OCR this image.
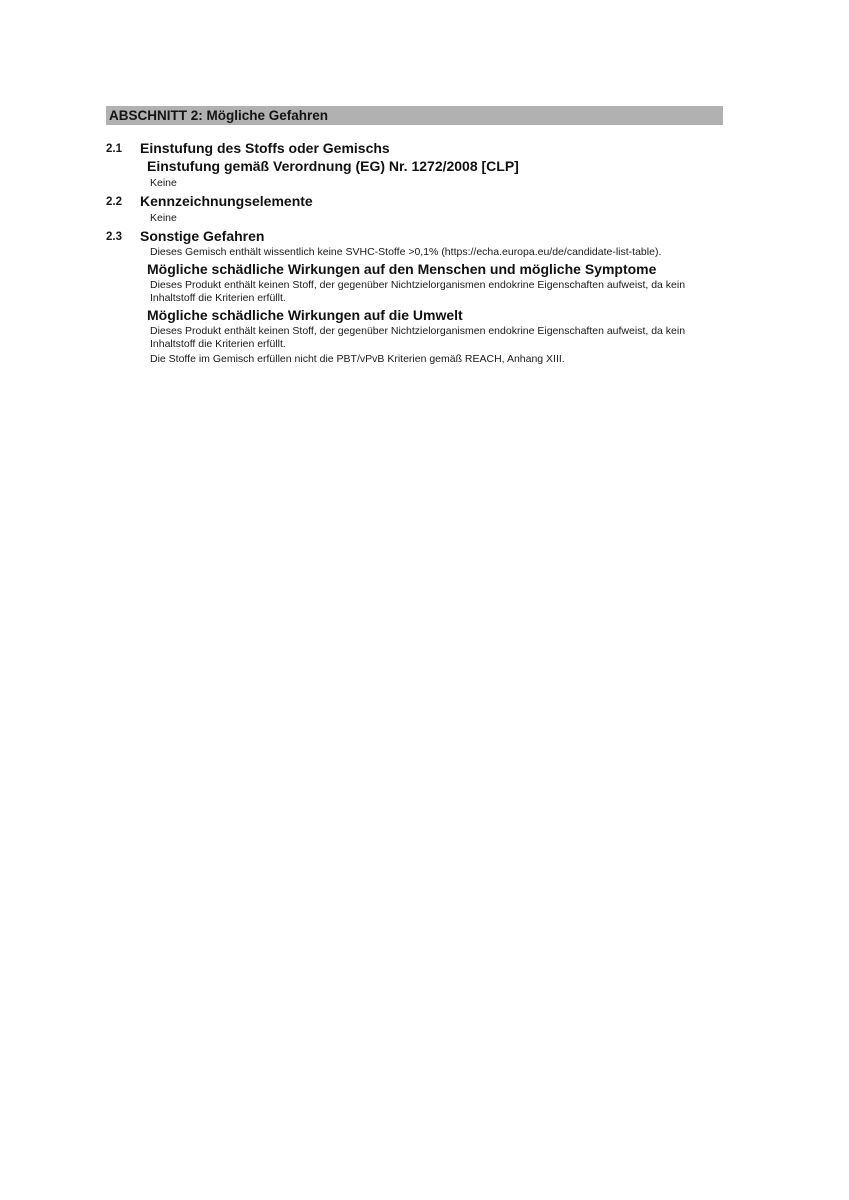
ABSCHNITT 2: Mögliche Gefahren
2.1	Einstufung des Stoffs oder Gemischs
Einstufung gemäß Verordnung (EG) Nr. 1272/2008 [CLP]
Keine
2.2	Kennzeichnungselemente
Keine
2.3	Sonstige Gefahren
Dieses Gemisch enthält wissentlich keine SVHC-Stoffe >0,1% (https://echa.europa.eu/de/candidate-list-table).
Mögliche schädliche Wirkungen auf den Menschen und mögliche Symptome
Dieses Produkt enthält keinen Stoff, der gegenüber Nichtzielorganismen endokrine Eigenschaften aufweist, da kein Inhaltstoff die Kriterien erfüllt.
Mögliche schädliche Wirkungen auf die Umwelt
Dieses Produkt enthält keinen Stoff, der gegenüber Nichtzielorganismen endokrine Eigenschaften aufweist, da kein Inhaltstoff die Kriterien erfüllt.
Die Stoffe im Gemisch erfüllen nicht die PBT/vPvB Kriterien gemäß REACH, Anhang XIII.
